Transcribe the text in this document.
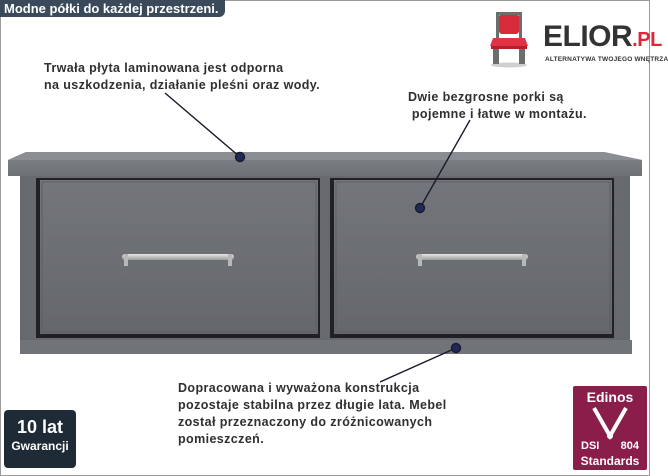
Modne półki do każdej przestrzeni.
ELIOR.PL
ALTERNATYWA TWOJEGO WNĘTRZA
Trwała płyta laminowana jest odporna
na uszkodzenia, działanie pleśni oraz wody.
Dwie bezgrosne porki są
pojemne i łatwe w montażu.
Dopracowana i wyważona konstrukcja
pozostaje stabilna przez długie lata. Mebel
został przeznaczony do zróżnicowanych
pomieszczeń.
10 lat
Gwarancji
Edinos
DSI 804
Standards
